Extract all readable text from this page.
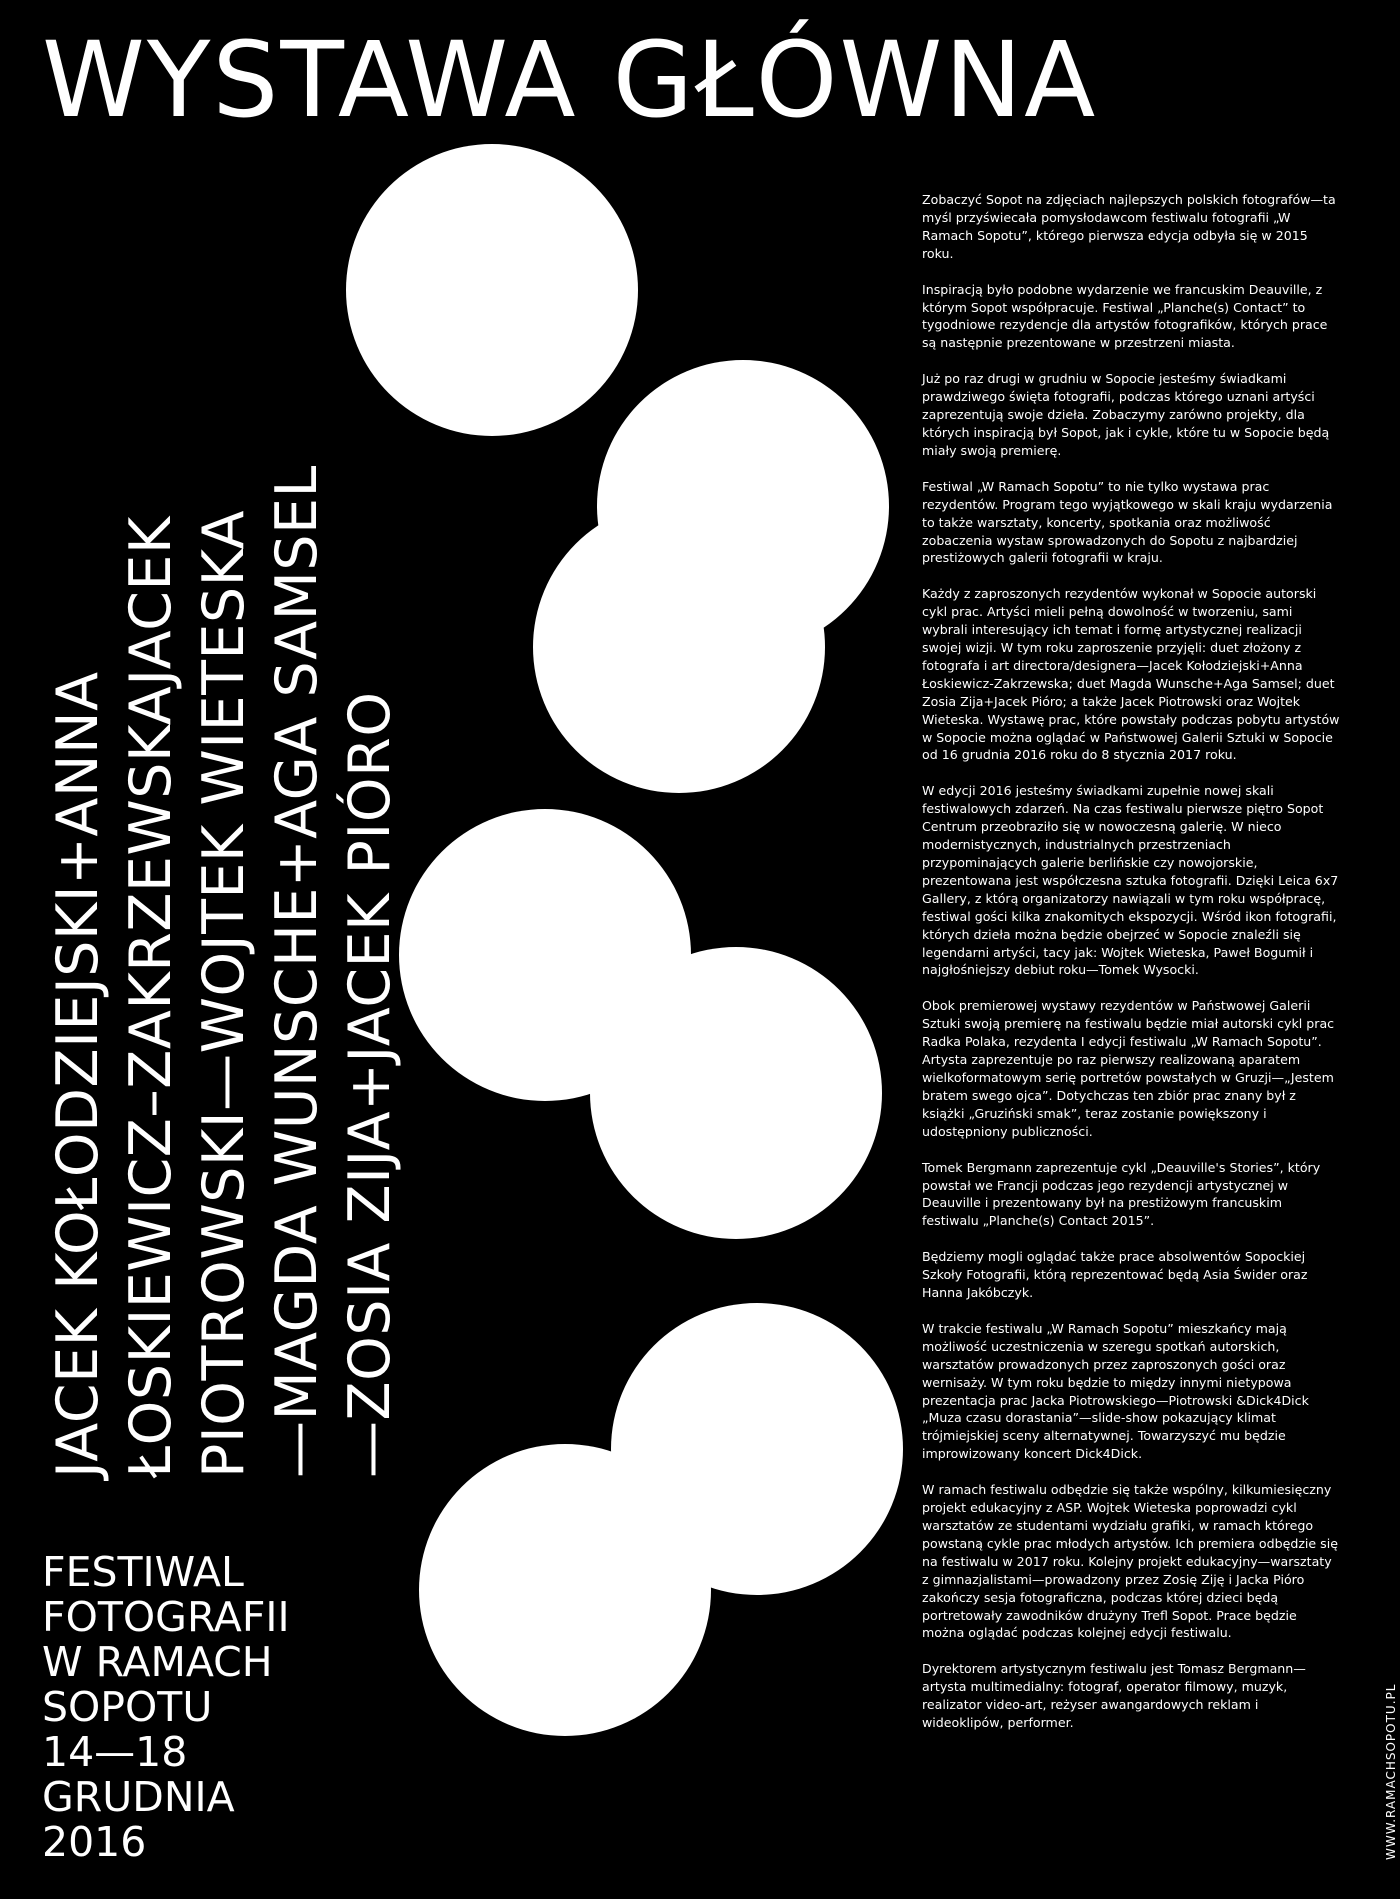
WYSTAWA GŁÓWNA
JACEK KOŁODZIEJSKI+ANNA ŁOSKIEWICZ–ZAKRZEWSKAJACEK PIOTROWSKI—WOJTEK WIETESKA —MAGDA WUNSCHE+AGA SAMSEL —ZOSIA ZIJA+JACEK PIÓRO
FESTIWAL
FOTOGRAFII
W RAMACH
SOPOTU
14—18
GRUDNIA
2016

Zobaczyć Sopot na zdjęciach najlepszych polskich fotografów—ta myśl przyświecała pomysłodawcom festiwalu fotografii „W Ramach Sopotu”, którego pierwsza edycja odbyła się w 2015 roku.

Inspiracją było podobne wydarzenie we francuskim Deauville, z którym Sopot współpracuje. Festiwal „Planche(s) Contact” to tygodniowe rezydencje dla artystów fotografików, których prace są następnie prezentowane w przestrzeni miasta.

Już po raz drugi w grudniu w Sopocie jesteśmy świadkami prawdziwego święta fotografii, podczas którego uznani artyści zaprezentują swoje dzieła. Zobaczymy zarówno projekty, dla których inspiracją był Sopot, jak i cykle, które tu w Sopocie będą miały swoją premierę.

Festiwal „W Ramach Sopotu” to nie tylko wystawa prac rezydentów. Program tego wyjątkowego w skali kraju wydarzenia to także warsztaty, koncerty, spotkania oraz możliwość zobaczenia wystaw sprowadzonych do Sopotu z najbardziej prestiżowych galerii fotografii w kraju.

Każdy z zaproszonych rezydentów wykonał w Sopocie autorski cykl prac. Artyści mieli pełną dowolność w tworzeniu, sami wybrali interesujący ich temat i formę artystycznej realizacji swojej wizji. W tym roku zaproszenie przyjęli: duet złożony z fotografa i art directora/designera—Jacek Kołodziejski+Anna Łoskiewicz-Zakrzewska; duet Magda Wunsche+Aga Samsel; duet Zosia Zija+Jacek Pióro; a także Jacek Piotrowski oraz Wojtek Wieteska. Wystawę prac, które powstały podczas pobytu artystów w Sopocie można oglądać w Państwowej Galerii Sztuki w Sopocie od 16 grudnia 2016 roku do 8 stycznia 2017 roku.

W edycji 2016 jesteśmy świadkami zupełnie nowej skali festiwalowych zdarzeń. Na czas festiwalu pierwsze piętro Sopot Centrum przeobraziło się w nowoczesną galerię. W nieco modernistycznych, industrialnych przestrzeniach przypominających galerie berlińskie czy nowojorskie, prezentowana jest współczesna sztuka fotografii. Dzięki Leica 6x7 Gallery, z którą organizatorzy nawiązali w tym roku współpracę, festiwal gości kilka znakomitych ekspozycji. Wśród ikon fotografii, których dzieła można będzie obejrzeć w Sopocie znaleźli się legendarni artyści, tacy jak: Wojtek Wieteska, Paweł Bogumił i najgłośniejszy debiut roku—Tomek Wysocki.

Obok premierowej wystawy rezydentów w Państwowej Galerii Sztuki swoją premierę na festiwalu będzie miał autorski cykl prac Radka Polaka, rezydenta I edycji festiwalu „W Ramach Sopotu”. Artysta zaprezentuje po raz pierwszy realizowaną aparatem wielkoformatowym serię portretów powstałych w Gruzji—„Jestem bratem swego ojca”. Dotychczas ten zbiór prac znany był z książki „Gruziński smak”, teraz zostanie powiększony i udostępniony publiczności.

Tomek Bergmann zaprezentuje cykl „Deauville's Stories”, który powstał we Francji podczas jego rezydencji artystycznej w Deauville i prezentowany był na prestiżowym francuskim festiwalu „Planche(s) Contact 2015”.

Będziemy mogli oglądać także prace absolwentów Sopockiej Szkoły Fotografii, którą reprezentować będą Asia Świder oraz Hanna Jakóbczyk.

W trakcie festiwalu „W Ramach Sopotu” mieszkańcy mają możliwość uczestniczenia w szeregu spotkań autorskich, warsztatów prowadzonych przez zaproszonych gości oraz wernisaży. W tym roku będzie to między innymi nietypowa prezentacja prac Jacka Piotrowskiego—Piotrowski &Dick4Dick „Muza czasu dorastania”—slide-show pokazujący klimat trójmiejskiej sceny alternatywnej. Towarzyszyć mu będzie improwizowany koncert Dick4Dick.

W ramach festiwalu odbędzie się także wspólny, kilkumiesięczny projekt edukacyjny z ASP. Wojtek Wieteska poprowadzi cykl warsztatów ze studentami wydziału grafiki, w ramach którego powstaną cykle prac młodych artystów. Ich premiera odbędzie się na festiwalu w 2017 roku. Kolejny projekt edukacyjny—warsztaty z gimnazjalistami—prowadzony przez Zosię Ziję i Jacka Pióro zakończy sesja fotograficzna, podczas której dzieci będą portretowały zawodników drużyny Trefl Sopot. Prace będzie można oglądać podczas kolejnej edycji festiwalu.

Dyrektorem artystycznym festiwalu jest Tomasz Bergmann—artysta multimedialny: fotograf, operator filmowy, muzyk, realizator video-art, reżyser awangardowych reklam i wideoklipów, performer.	WWW.RAMACHSOPOTU.PL
